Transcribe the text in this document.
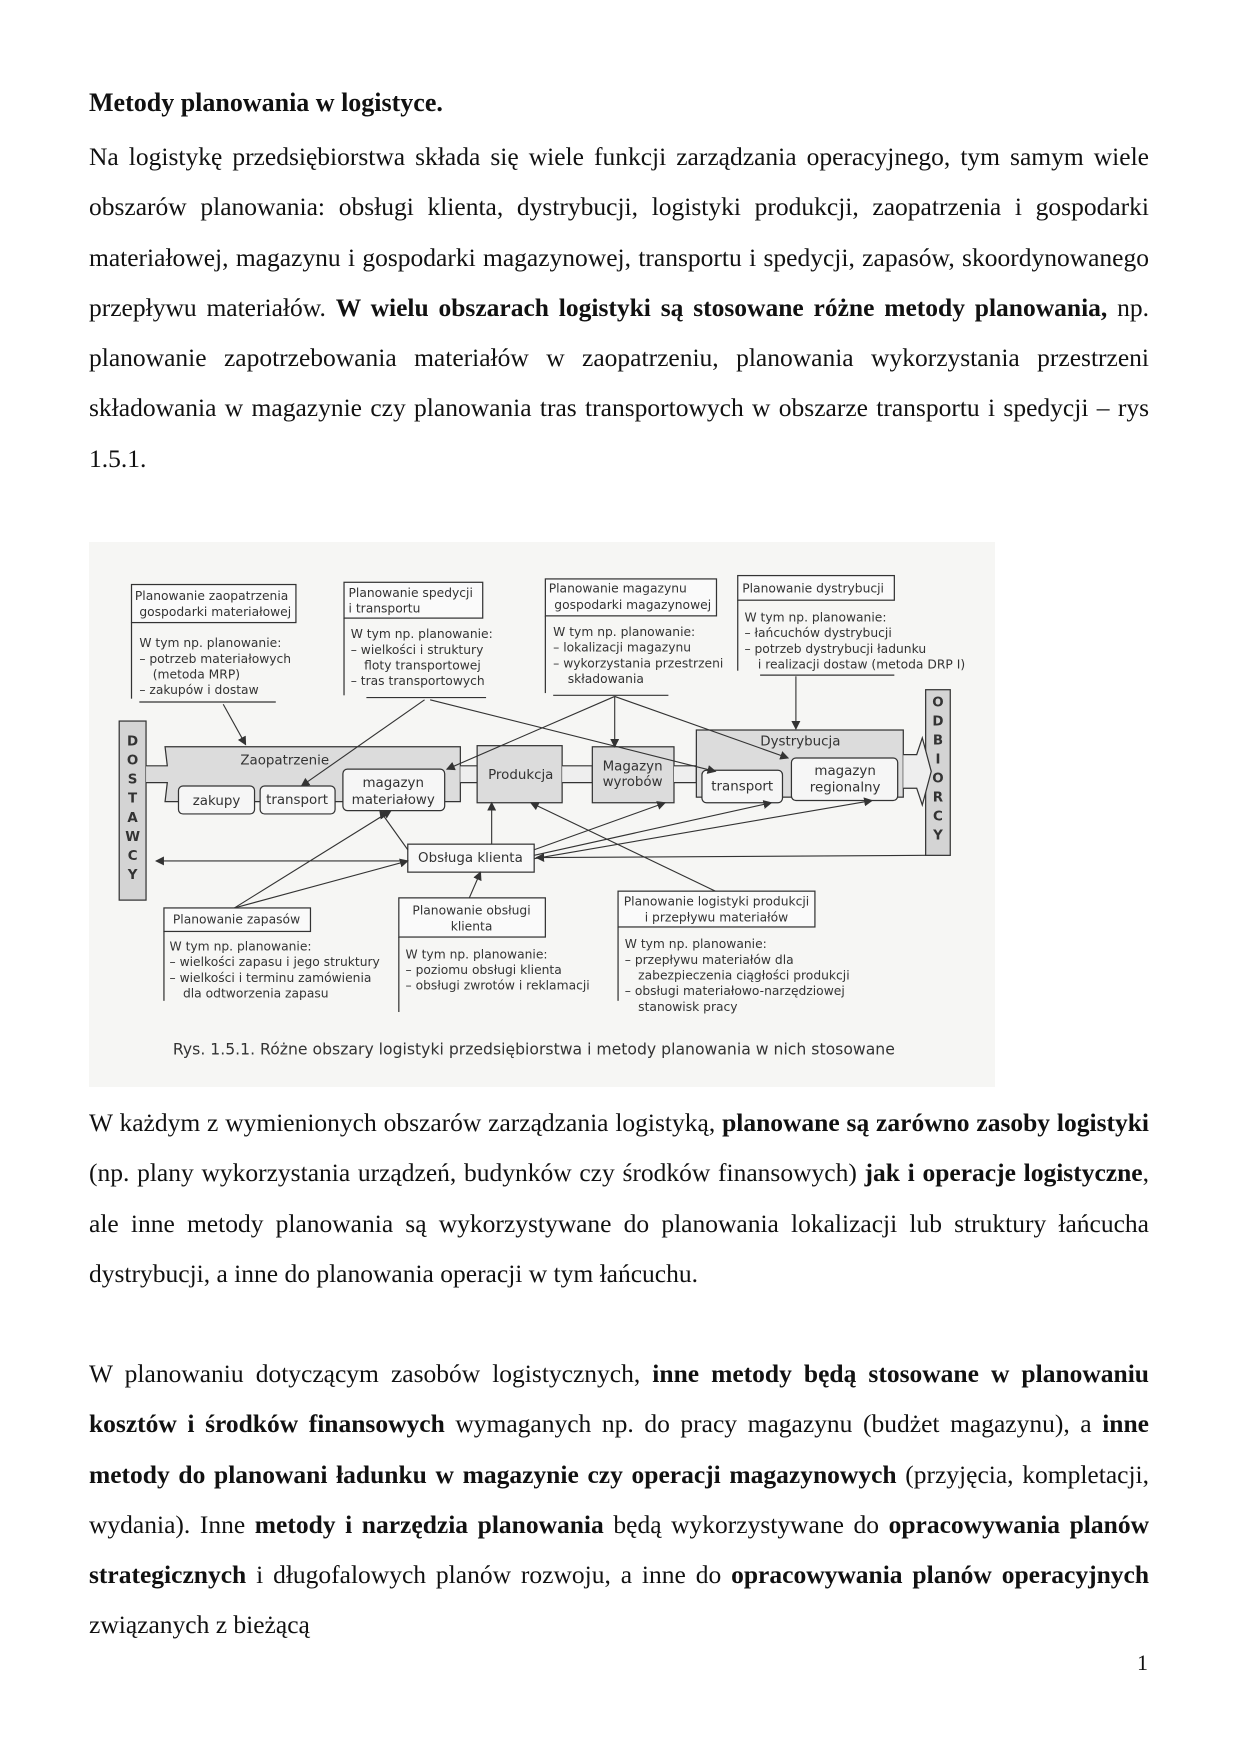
Metody planowania w logistyce.
Na logistykę przedsiębiorstwa składa się wiele funkcji zarządzania operacyjnego, tym samym wiele obszarów planowania: obsługi klienta, dystrybucji, logistyki produkcji, zaopatrzenia i gospodarki materiałowej, magazynu i gospodarki magazynowej, transportu i spedycji, zapasów, skoordynowanego przepływu materiałów. W wielu obszarach logistyki są stosowane różne metody planowania, np. planowanie zapotrzebowania materiałów w zaopatrzeniu, planowania wykorzystania przestrzeni składowania w magazynie czy planowania tras transportowych w obszarze transportu i spedycji – rys 1.5.1.
Planowanie zaopatrzenia
gospodarki materiałowej
W tym np. planowanie:
– potrzeb materiałowych
(metoda MRP)
– zakupów i dostaw
Planowanie spedycji
i transportu
W tym np. planowanie:
– wielkości i struktury
floty transportowej
– tras transportowych
Planowanie magazynu
gospodarki magazynowej
W tym np. planowanie:
– lokalizacji magazynu
– wykorzystania przestrzeni
składowania
Planowanie dystrybucji
W tym np. planowanie:
– łańcuchów dystrybucji
– potrzeb dystrybucji ładunku
i realizacji dostaw (metoda DRP I)
Planowanie zapasów
W tym np. planowanie:
– wielkości zapasu i jego struktury
– wielkości i terminu zamówienia
dla odtworzenia zapasu
Planowanie obsługi
klienta
W tym np. planowanie:
– poziomu obsługi klienta
– obsługi zwrotów i reklamacji
Planowanie logistyki produkcji
i przepływu materiałów
W tym np. planowanie:
– przepływu materiałów dla
zabezpieczenia ciągłości produkcji
– obsługi materiałowo-narzędziowej
stanowisk pracy
Zaopatrzenie
zakupy transport
magazyn
materiałowy
Produkcja
Magazyn
wyrobów
Dystrybucja
transport
magazyn
regionalny
Obsługa klienta
D
O
S
T
A
W
C
Y
O
D
B
I
O
R
C
Y
Rys. 1.5.1. Różne obszary logistyki przedsiębiorstwa i metody planowania w nich stosowane
W każdym z wymienionych obszarów zarządzania logistyką, planowane są zarówno zasoby logistyki (np. plany wykorzystania urządzeń, budynków czy środków finansowych) jak i operacje logistyczne, ale inne metody planowania są wykorzystywane do planowania lokalizacji lub struktury łańcucha dystrybucji, a inne do planowania operacji w tym łańcuchu.
W planowaniu dotyczącym zasobów logistycznych, inne metody będą stosowane w planowaniu kosztów i środków finansowych wymaganych np. do pracy magazynu (budżet magazynu), a inne metody do planowani ładunku w magazynie czy operacji magazynowych (przyjęcia, kompletacji, wydania). Inne metody i narzędzia planowania będą wykorzystywane do opracowywania planów strategicznych i długofalowych planów rozwoju, a inne do opracowywania planów operacyjnych związanych z bieżącą
1
